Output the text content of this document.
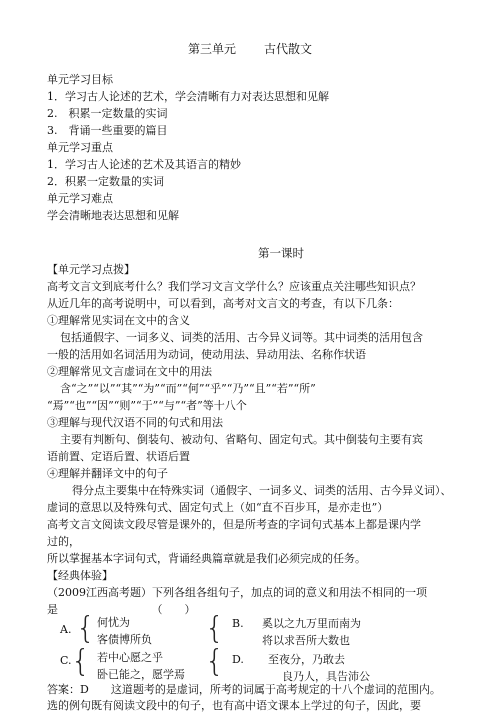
第三单元 古代散文
单元学习目标
1．学习古人论述的艺术，学会清晰有力对表达思想和见解
2.　积累一定数量的实词
3.　背诵一些重要的篇目
单元学习重点
1．学习古人论述的艺术及其语言的精妙
2．积累一定数量的实词
单元学习难点
学会清晰地表达思想和见解
第一课时
【单元学习点拨】
高考文言文到底考什么？我们学习文言文学什么？应该重点关注哪些知识点？
从近几年的高考说明中，可以看到，高考对文言文的考查，有以下几条：
①理解常见实词在文中的含义
包括通假字、一词多义、词类的活用、古今异义词等。其中词类的活用包含
一般的活用如名词活用为动词，使动用法、异动用法、名称作状语
②理解常见文言虚词在文中的用法
含“之”“以”“其”“为”“而”“何”“乎”“乃”“且”“若”“所”
“焉”“也”“因”“则”“于”“与”“者”等十八个
③理解与现代汉语不同的句式和用法
主要有判断句、倒装句、被动句、省略句、固定句式。其中倒装句主要有宾
语前置、定语后置、状语后置
④理解并翻译文中的句子
得分点主要集中在特殊实词（通假字、一词多义、词类的活用、古今异义词）、
虚词的意思以及特殊句式、固定句式上（如“直不百步耳，是亦走也”）
高考文言文阅读文段尽管是课外的，但是所考查的字词句式基本上都是课内学
过的，
所以掌握基本字词句式，背诵经典篇章就是我们必须完成的任务。
【经典体验】
（2009江西高考题）下列各组各组句子，加点的词的意义和用法不相同的一项
是　　　　　　　　　（　　）
A. { 何忧为
客债博所负 { B. 奚以之九万里而南为
将以求吾所大数也
C. { 若中心愿之乎
卧已能之，愿学焉 { D. 至夜分，乃敢去
良乃人，具告沛公
答案：D　　这道题考的是虚词，所考的词属于高考规定的十八个虚词的范围内。
选的例句既有阅读文段中的句子，也有高中语文课本上学过的句子，因此，要
